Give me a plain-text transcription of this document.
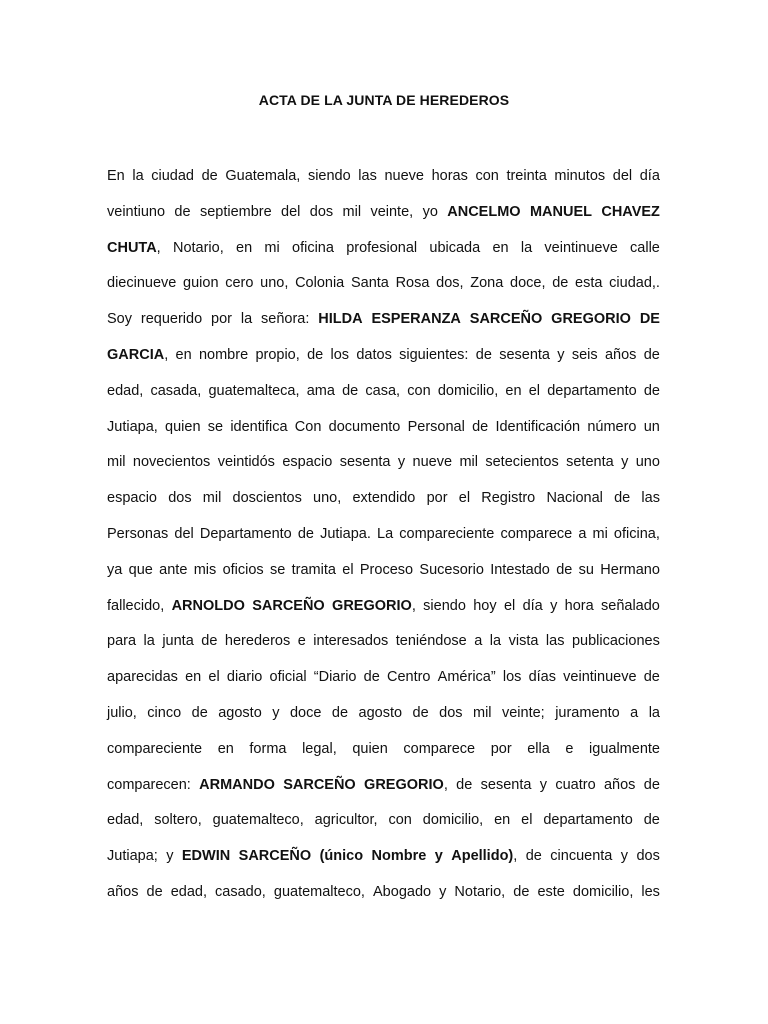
ACTA DE LA JUNTA DE HEREDEROS
En la ciudad de Guatemala, siendo las nueve horas con treinta minutos del día
veintiuno de septiembre del dos mil veinte, yo ANCELMO MANUEL CHAVEZ
CHUTA, Notario, en mi oficina profesional ubicada en la veintinueve calle
diecinueve guion cero uno, Colonia Santa Rosa dos, Zona doce, de esta ciudad,.
Soy requerido por la señora: HILDA ESPERANZA SARCEÑO GREGORIO DE
GARCIA, en nombre propio, de los datos siguientes: de sesenta y seis años de
edad, casada, guatemalteca, ama de casa, con domicilio, en el departamento de
Jutiapa, quien se identifica Con documento Personal de Identificación número un
mil novecientos veintidós espacio sesenta y nueve mil setecientos setenta y uno
espacio dos mil doscientos uno, extendido por el Registro Nacional de las
Personas del Departamento de Jutiapa. La compareciente comparece a mi oficina,
ya que ante mis oficios se tramita el Proceso Sucesorio Intestado de su Hermano
fallecido, ARNOLDO SARCEÑO GREGORIO, siendo hoy el día y hora señalado
para la junta de herederos e interesados teniéndose a la vista las publicaciones
aparecidas en el diario oficial “Diario de Centro América” los días veintinueve de
julio, cinco de agosto y doce de agosto de dos mil veinte; juramento a la
compareciente en forma legal, quien comparece por ella e igualmente
comparecen: ARMANDO SARCEÑO GREGORIO, de sesenta y cuatro años de
edad, soltero, guatemalteco, agricultor, con domicilio, en el departamento de
Jutiapa; y EDWIN SARCEÑO (único Nombre y Apellido), de cincuenta y dos
años de edad, casado, guatemalteco, Abogado y Notario, de este domicilio, les
